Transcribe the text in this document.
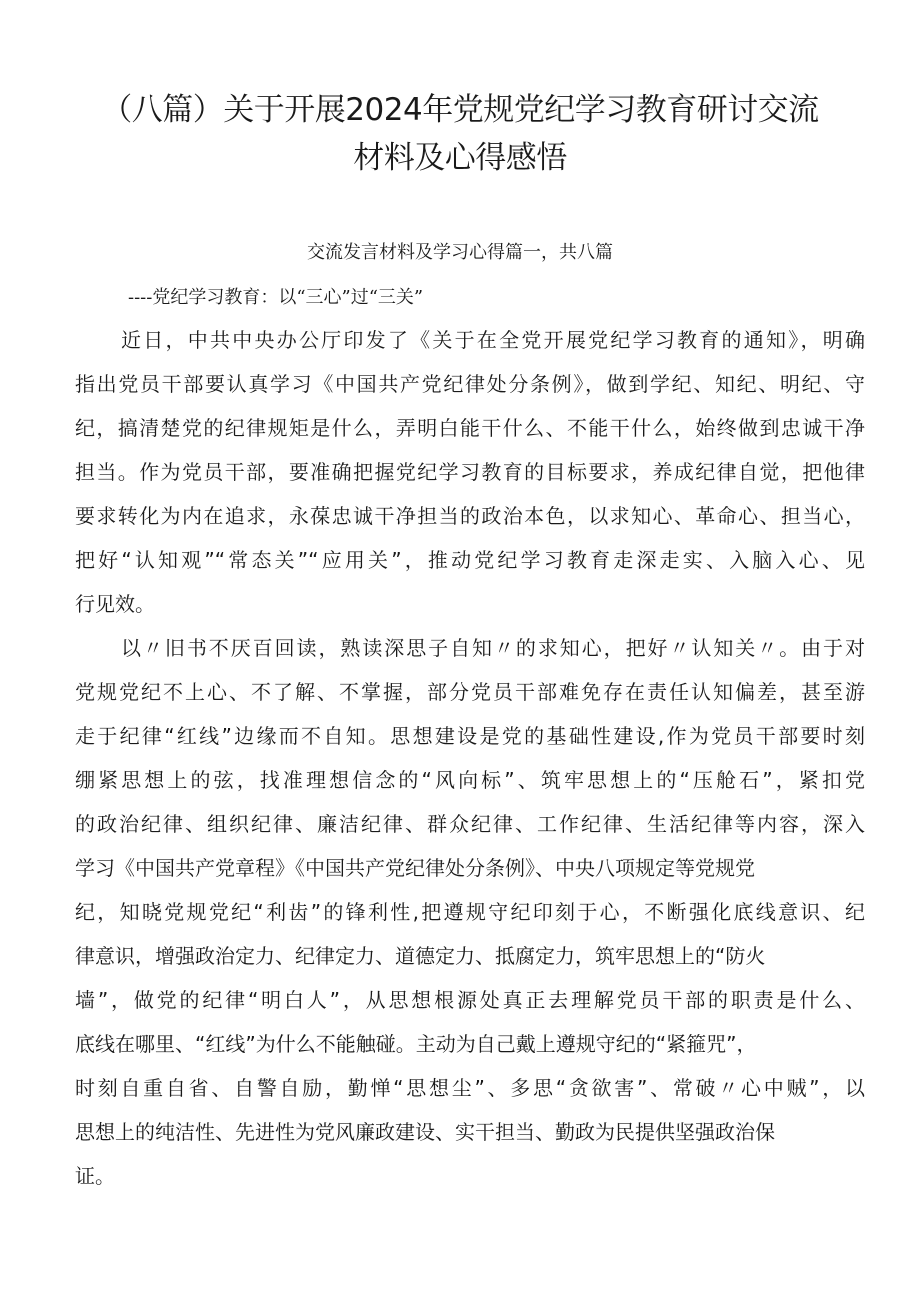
（八篇）关于开展2024年党规党纪学习教育研讨交流
材料及心得感悟
交流发言材料及学习心得篇一，共八篇
----党纪学习教育：以“三心”过“三关”
近日，中共中央办公厅印发了《关于在全党开展党纪学习教育的通知》，明确
指出党员干部要认真学习《中国共产党纪律处分条例》，做到学纪、知纪、明纪、守
纪，搞清楚党的纪律规矩是什么，弄明白能干什么、不能干什么，始终做到忠诚干净
担当。作为党员干部，要准确把握党纪学习教育的目标要求，养成纪律自觉，把他律
要求转化为内在追求，永葆忠诚干净担当的政治本色，以求知心、革命心、担当心，
把好“认知观”“常态关”“应用关”，推动党纪学习教育走深走实、入脑入心、见
行见效。
以〃旧书不厌百回读，熟读深思子自知〃的求知心，把好〃认知关〃。由于对
党规党纪不上心、不了解、不掌握，部分党员干部难免存在责任认知偏差，甚至游
走于纪律“红线”边缘而不自知。思想建设是党的基础性建设,作为党员干部要时刻
绷紧思想上的弦，找准理想信念的“风向标”、筑牢思想上的“压舱石”，紧扣党
的政治纪律、组织纪律、廉洁纪律、群众纪律、工作纪律、生活纪律等内容，深入
学习《中国共产党章程》《中国共产党纪律处分条例》、中央八项规定等党规党
纪，知晓党规党纪“利齿”的锋利性,把遵规守纪印刻于心，不断强化底线意识、纪
律意识，增强政治定力、纪律定力、道德定力、抵腐定力，筑牢思想上的“防火
墙”，做党的纪律“明白人”，从思想根源处真正去理解党员干部的职责是什么、
底线在哪里、“红线”为什么不能触碰。主动为自己戴上遵规守纪的“紧箍咒”，
时刻自重自省、自警自励，勤惮“思想尘”、多思“贪欲害”、常破〃心中贼”，以
思想上的纯洁性、先进性为党风廉政建设、实干担当、勤政为民提供坚强政治保
证。
